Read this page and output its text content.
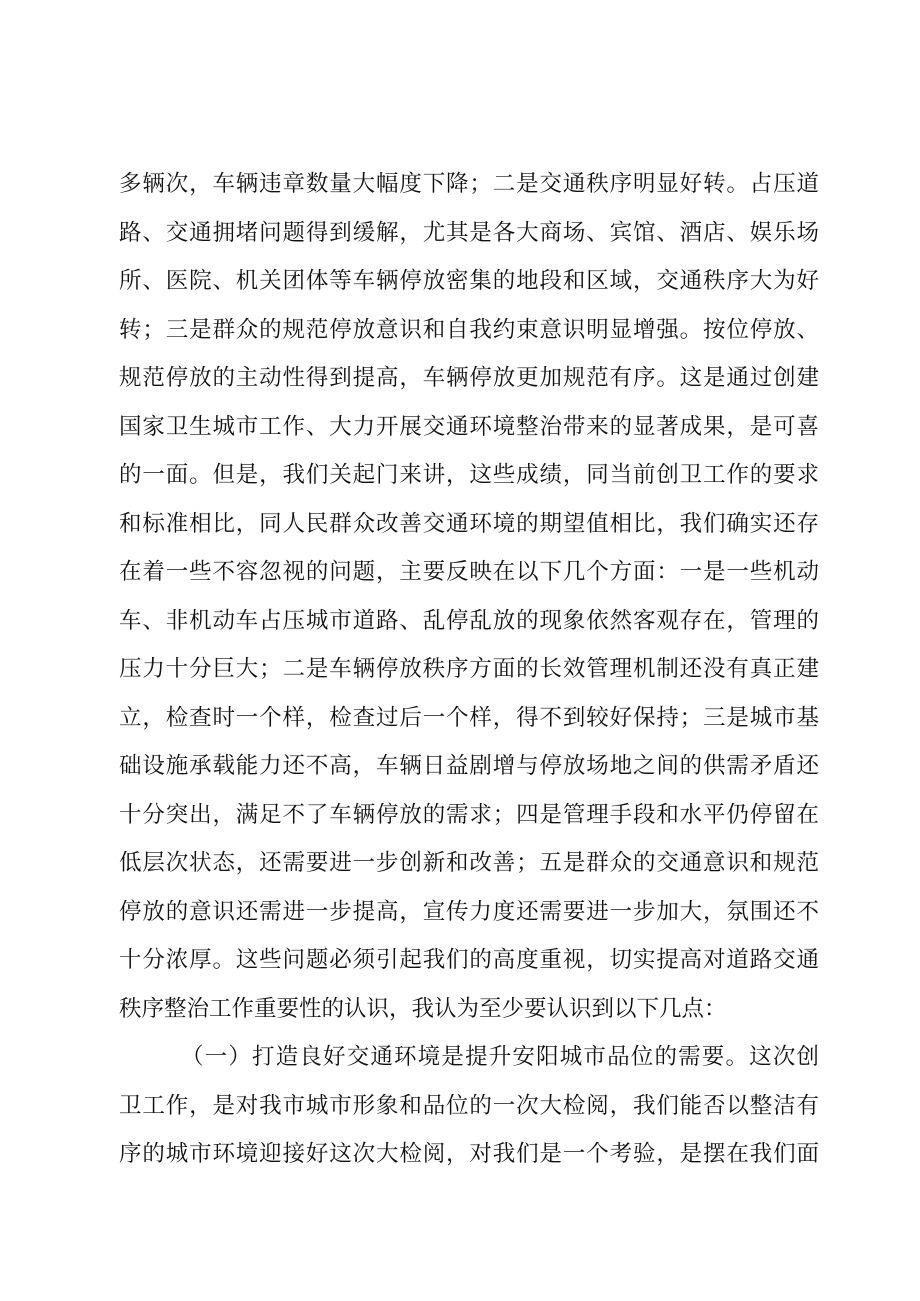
多辆次，车辆违章数量大幅度下降；二是交通秩序明显好转。占压道
路、交通拥堵问题得到缓解，尤其是各大商场、宾馆、酒店、娱乐场
所、医院、机关团体等车辆停放密集的地段和区域，交通秩序大为好
转；三是群众的规范停放意识和自我约束意识明显增强。按位停放、
规范停放的主动性得到提高，车辆停放更加规范有序。这是通过创建
国家卫生城市工作、大力开展交通环境整治带来的显著成果，是可喜
的一面。但是，我们关起门来讲，这些成绩，同当前创卫工作的要求
和标准相比，同人民群众改善交通环境的期望值相比，我们确实还存
在着一些不容忽视的问题，主要反映在以下几个方面：一是一些机动
车、非机动车占压城市道路、乱停乱放的现象依然客观存在，管理的
压力十分巨大；二是车辆停放秩序方面的长效管理机制还没有真正建
立，检查时一个样，检查过后一个样，得不到较好保持；三是城市基
础设施承载能力还不高，车辆日益剧增与停放场地之间的供需矛盾还
十分突出，满足不了车辆停放的需求；四是管理手段和水平仍停留在
低层次状态，还需要进一步创新和改善；五是群众的交通意识和规范
停放的意识还需进一步提高，宣传力度还需要进一步加大，氛围还不
十分浓厚。这些问题必须引起我们的高度重视，切实提高对道路交通
秩序整治工作重要性的认识，我认为至少要认识到以下几点：
（一）打造良好交通环境是提升安阳城市品位的需要。这次创
卫工作，是对我市城市形象和品位的一次大检阅，我们能否以整洁有
序的城市环境迎接好这次大检阅，对我们是一个考验，是摆在我们面
